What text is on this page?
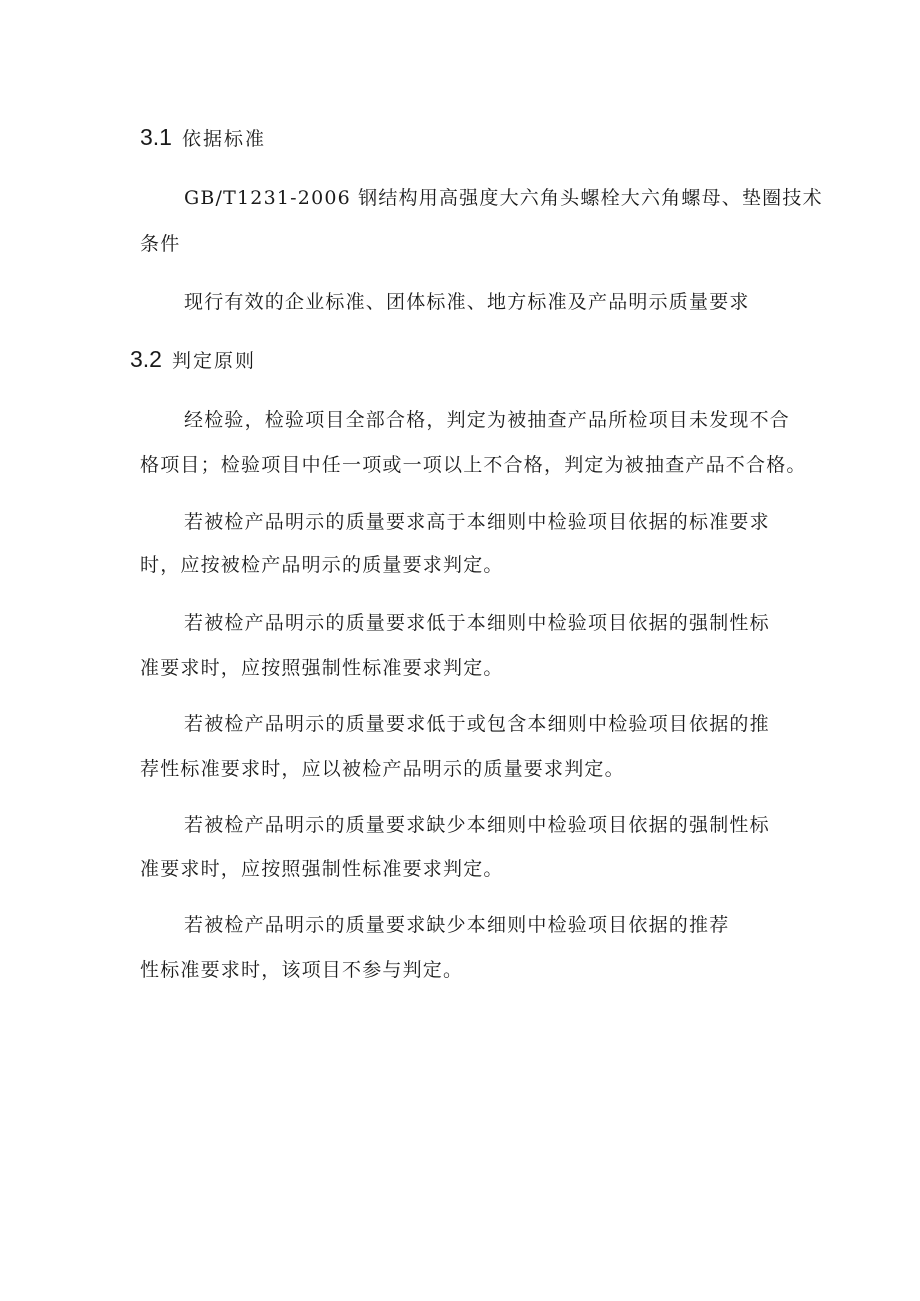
3.1 依据标准
GB/T1231-2006 钢结构用高强度大六角头螺栓大六角螺母、垫圈技术
条件
现行有效的企业标准、团体标准、地方标准及产品明示质量要求
3.2 判定原则
经检验，检验项目全部合格，判定为被抽查产品所检项目未发现不合
格项目；检验项目中任一项或一项以上不合格，判定为被抽查产品不合格。
若被检产品明示的质量要求高于本细则中检验项目依据的标准要求
时，应按被检产品明示的质量要求判定。
若被检产品明示的质量要求低于本细则中检验项目依据的强制性标
准要求时，应按照强制性标准要求判定。
若被检产品明示的质量要求低于或包含本细则中检验项目依据的推
荐性标准要求时，应以被检产品明示的质量要求判定。
若被检产品明示的质量要求缺少本细则中检验项目依据的强制性标
准要求时，应按照强制性标准要求判定。
若被检产品明示的质量要求缺少本细则中检验项目依据的推荐
性标准要求时，该项目不参与判定。
